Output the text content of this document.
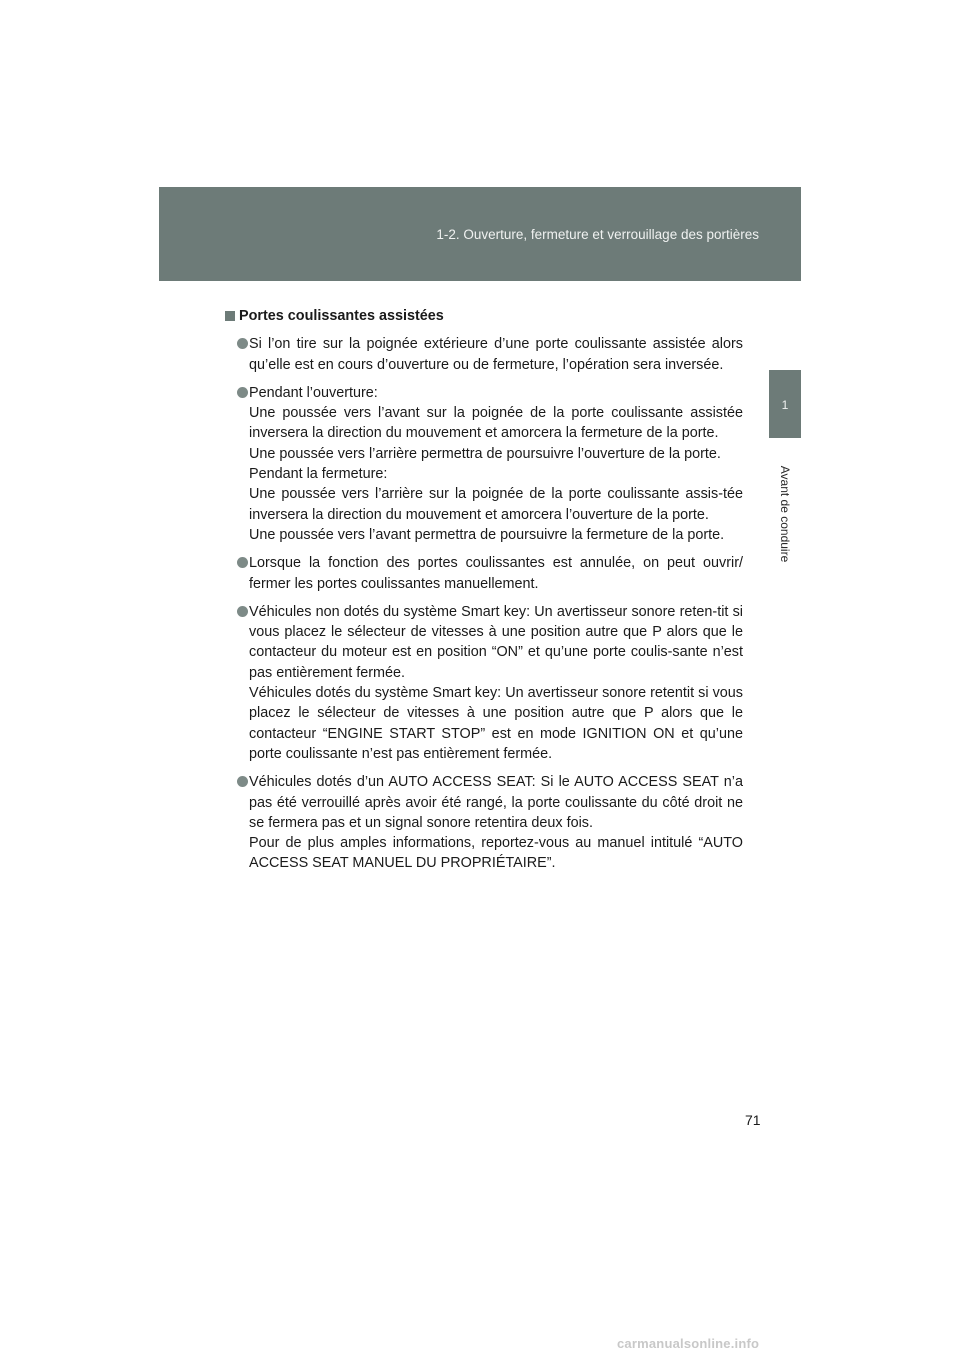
1-2. Ouverture, fermeture et verrouillage des portières
1
Avant de conduire
Portes coulissantes assistées

Si l’on tire sur la poignée extérieure d’une porte coulissante assistée alors qu’elle est en cours d’ouverture ou de fermeture, l’opération sera inversée.

Pendant l’ouverture:

Une poussée vers l’avant sur la poignée de la porte coulissante assistée inversera la direction du mouvement et amorcera la fermeture de la porte.

Une poussée vers l’arrière permettra de poursuivre l’ouverture de la porte.

Pendant la fermeture:

Une poussée vers l’arrière sur la poignée de la porte coulissante assis-tée inversera la direction du mouvement et amorcera l’ouverture de la porte.

Une poussée vers l’avant permettra de poursuivre la fermeture de la porte.

Lorsque la fonction des portes coulissantes est annulée, on peut ouvrir/ fermer les portes coulissantes manuellement.

Véhicules non dotés du système Smart key: Un avertisseur sonore reten-tit si vous placez le sélecteur de vitesses à une position autre que P alors que le contacteur du moteur est en position “ON” et qu’une porte coulis-sante n’est pas entièrement fermée.

Véhicules dotés du système Smart key: Un avertisseur sonore retentit si vous placez le sélecteur de vitesses à une position autre que P alors que le contacteur “ENGINE START STOP” est en mode IGNITION ON et qu’une porte coulissante n’est pas entièrement fermée.

Véhicules dotés d’un AUTO ACCESS SEAT: Si le AUTO ACCESS SEAT n’a pas été verrouillé après avoir été rangé, la porte coulissante du côté droit ne se fermera pas et un signal sonore retentira deux fois.

Pour de plus amples informations, reportez-vous au manuel intitulé “AUTO ACCESS SEAT MANUEL DU PROPRIÉTAIRE”.

71
carmanualsonline.info
